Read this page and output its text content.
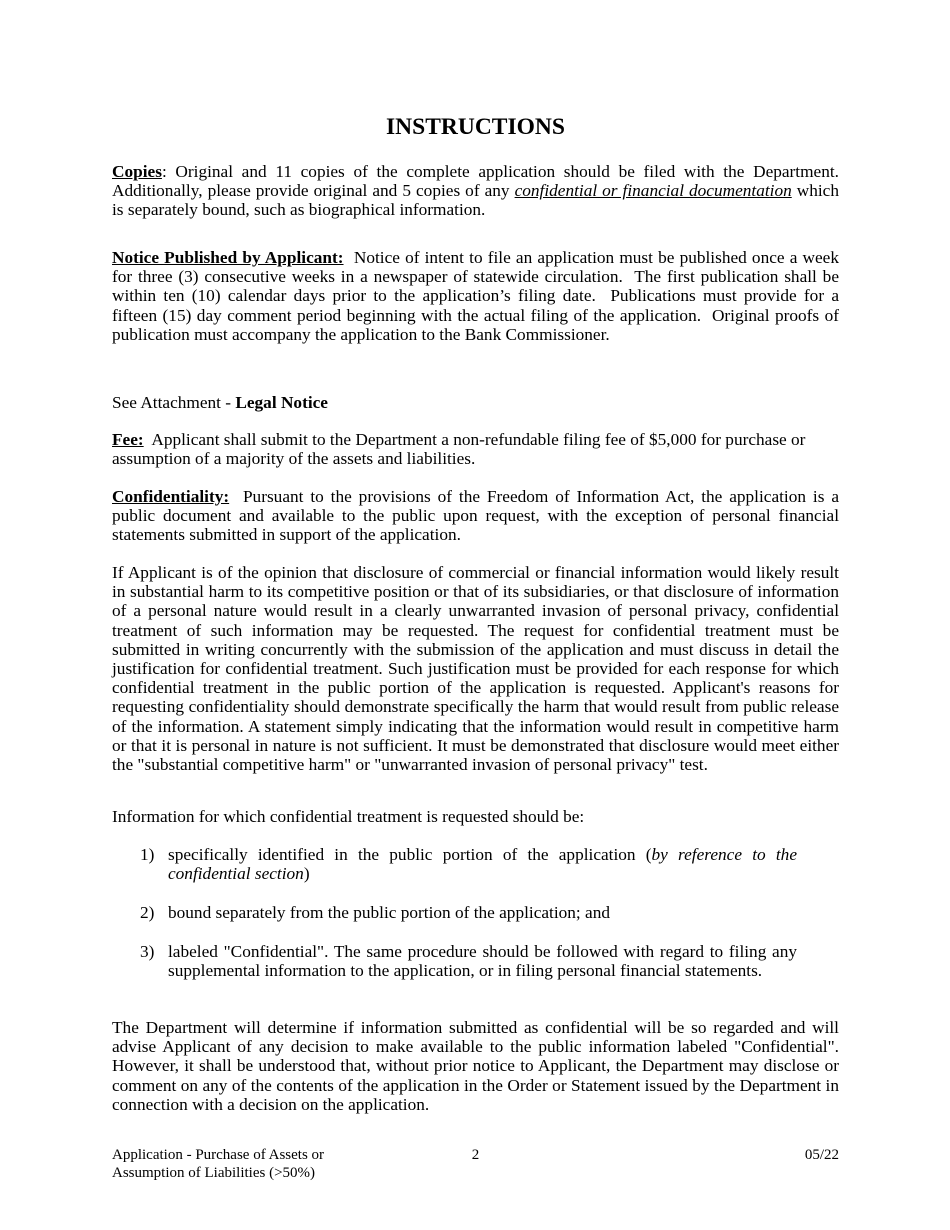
INSTRUCTIONS

Copies: Original and 11 copies of the complete application should be filed with the Department. Additionally, please provide original and 5 copies of any confidential or financial documentation which is separately bound, such as biographical information.

Notice Published by Applicant:  Notice of intent to file an application must be published once a week for three (3) consecutive weeks in a newspaper of statewide circulation.  The first publication shall be within ten (10) calendar days prior to the application’s filing date.  Publications must provide for a fifteen (15) day comment period beginning with the actual filing of the application.  Original proofs of publication must accompany the application to the Bank Commissioner.

See Attachment - Legal Notice

Fee:  Applicant shall submit to the Department a non-refundable filing fee of $5,000 for purchase or assumption of a majority of the assets and liabilities.

Confidentiality:  Pursuant to the provisions of the Freedom of Information Act, the application is a public document and available to the public upon request, with the exception of personal financial statements submitted in support of the application.

If Applicant is of the opinion that disclosure of commercial or financial information would likely result in substantial harm to its competitive position or that of its subsidiaries, or that disclosure of information of a personal nature would result in a clearly unwarranted invasion of personal privacy, confidential treatment of such information may be requested. The request for confidential treatment must be submitted in writing concurrently with the submission of the application and must discuss in detail the justification for confidential treatment. Such justification must be provided for each response for which confidential treatment in the public portion of the application is requested. Applicant's reasons for requesting confidentiality should demonstrate specifically the harm that would result from public release of the information. A statement simply indicating that the information would result in competitive harm or that it is personal in nature is not sufficient. It must be demonstrated that disclosure would meet either the "substantial competitive harm" or "unwarranted invasion of personal privacy" test.

Information for which confidential treatment is requested should be:

1) specifically identified in the public portion of the application (by reference to the confidential section)
2) bound separately from the public portion of the application; and
3) labeled "Confidential". The same procedure should be followed with regard to filing any supplemental information to the application, or in filing personal financial statements.

The Department will determine if information submitted as confidential will be so regarded and will advise Applicant of any decision to make available to the public information labeled "Confidential". However, it shall be understood that, without prior notice to Applicant, the Department may disclose or comment on any of the contents of the application in the Order or Statement issued by the Department in connection with a decision on the application.

Application - Purchase of Assets or
Assumption of Liabilities (>50%)
2	05/22
